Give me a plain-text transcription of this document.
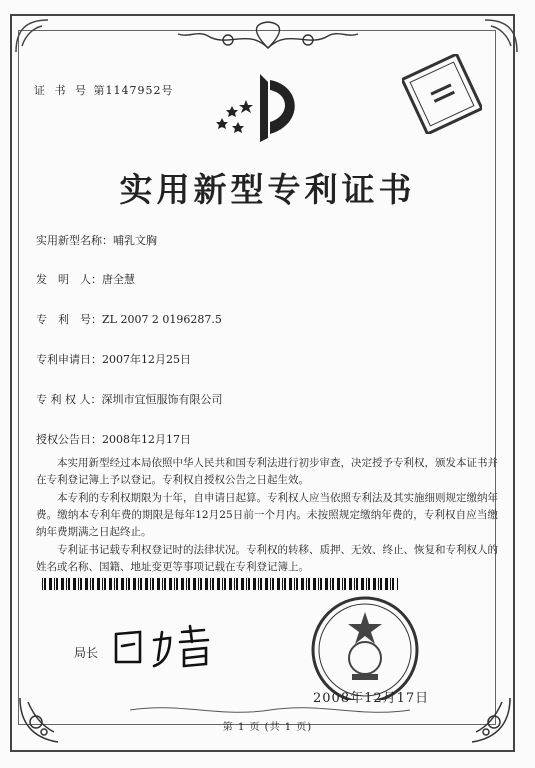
证 书 号 第1147952号
实用新型专利证书
实用新型名称：哺乳文胸
发　明　人：唐全慧
专　利　号：ZL 2007 2 0196287.5
专利申请日：2007年12月25日
专 利 权 人：深圳市宜恒服饰有限公司
授权公告日：2008年12月17日
本实用新型经过本局依照中华人民共和国专利法进行初步审查，决定授予专利权，颁发本证书并在专利登记簿上予以登记。专利权自授权公告之日起生效。
本专利的专利权期限为十年，自申请日起算。专利权人应当依照专利法及其实施细则规定缴纳年费。缴纳本专利年费的期限是每年12月25日前一个月内。未按照规定缴纳年费的，专利权自应当缴纳年费期满之日起终止。
专利证书记载专利权登记时的法律状况。专利权的转移、质押、无效、终止、恢复和专利权人的姓名或名称、国籍、地址变更等事项记载在专利登记簿上。
局长
2008年12月17日
第 1 页 (共 1 页)
